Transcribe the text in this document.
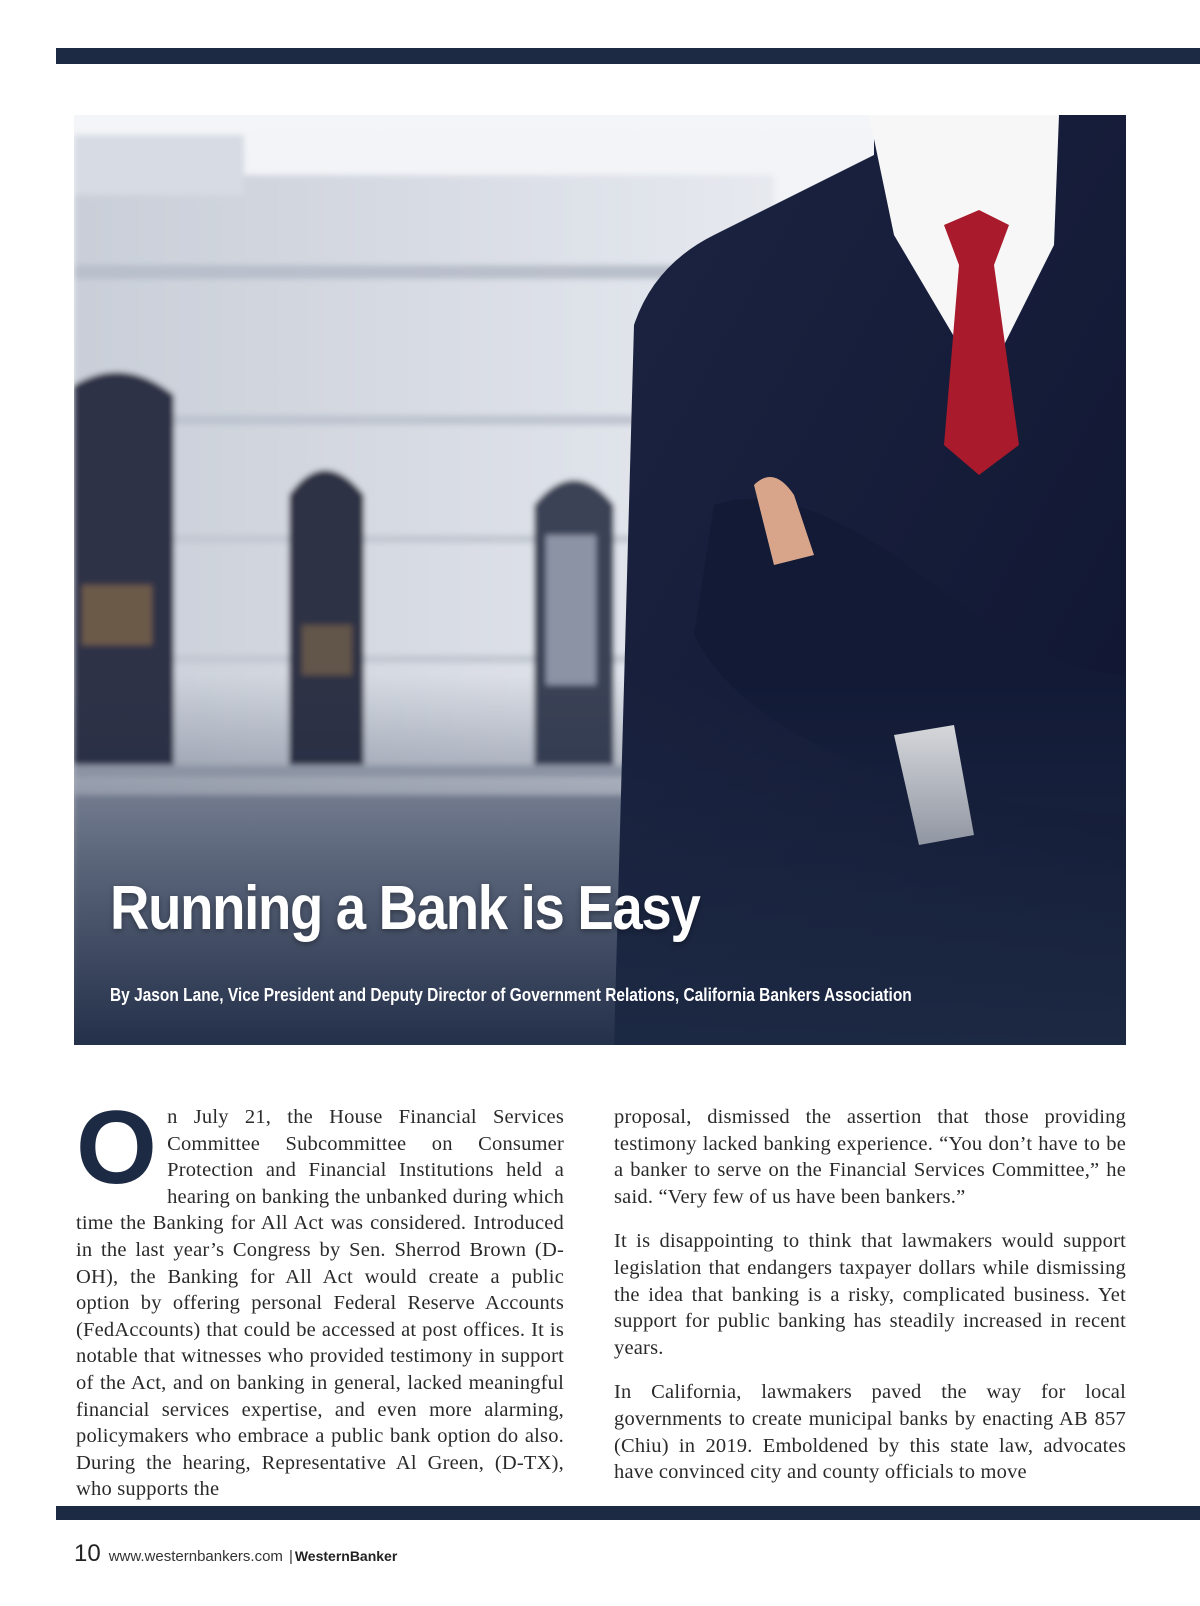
Running a Bank is Easy

By Jason Lane, Vice President and Deputy Director of Government Relations, California Bankers Association

On July 21, the House Financial Services Committee Subcommittee on Consumer Protection and Financial Institutions held a hearing on banking the unbanked during which time the Banking for All Act was considered. Introduced in the last year’s Congress by Sen. Sherrod Brown (D-OH), the Banking for All Act would create a public option by offering personal Federal Reserve Accounts (FedAccounts) that could be accessed at post offices. It is notable that witnesses who provided testimony in support of the Act, and on banking in general, lacked meaningful financial services expertise, and even more alarming, policymakers who embrace a public bank option do also. During the hearing, Representative Al Green, (D-TX), who supports the

proposal, dismissed the assertion that those providing testimony lacked banking experience. “You don’t have to be a banker to serve on the Financial Services Committee,” he said. “Very few of us have been bankers.”

It is disappointing to think that lawmakers would support legislation that endangers taxpayer dollars while dismissing the idea that banking is a risky, complicated business. Yet support for public banking has steadily increased in recent years.

In California, lawmakers paved the way for local governments to create municipal banks by enacting AB 857 (Chiu) in 2019. Emboldened by this state law, advocates have convinced city and county officials to move

10 www.westernbankers.com | WesternBanker
